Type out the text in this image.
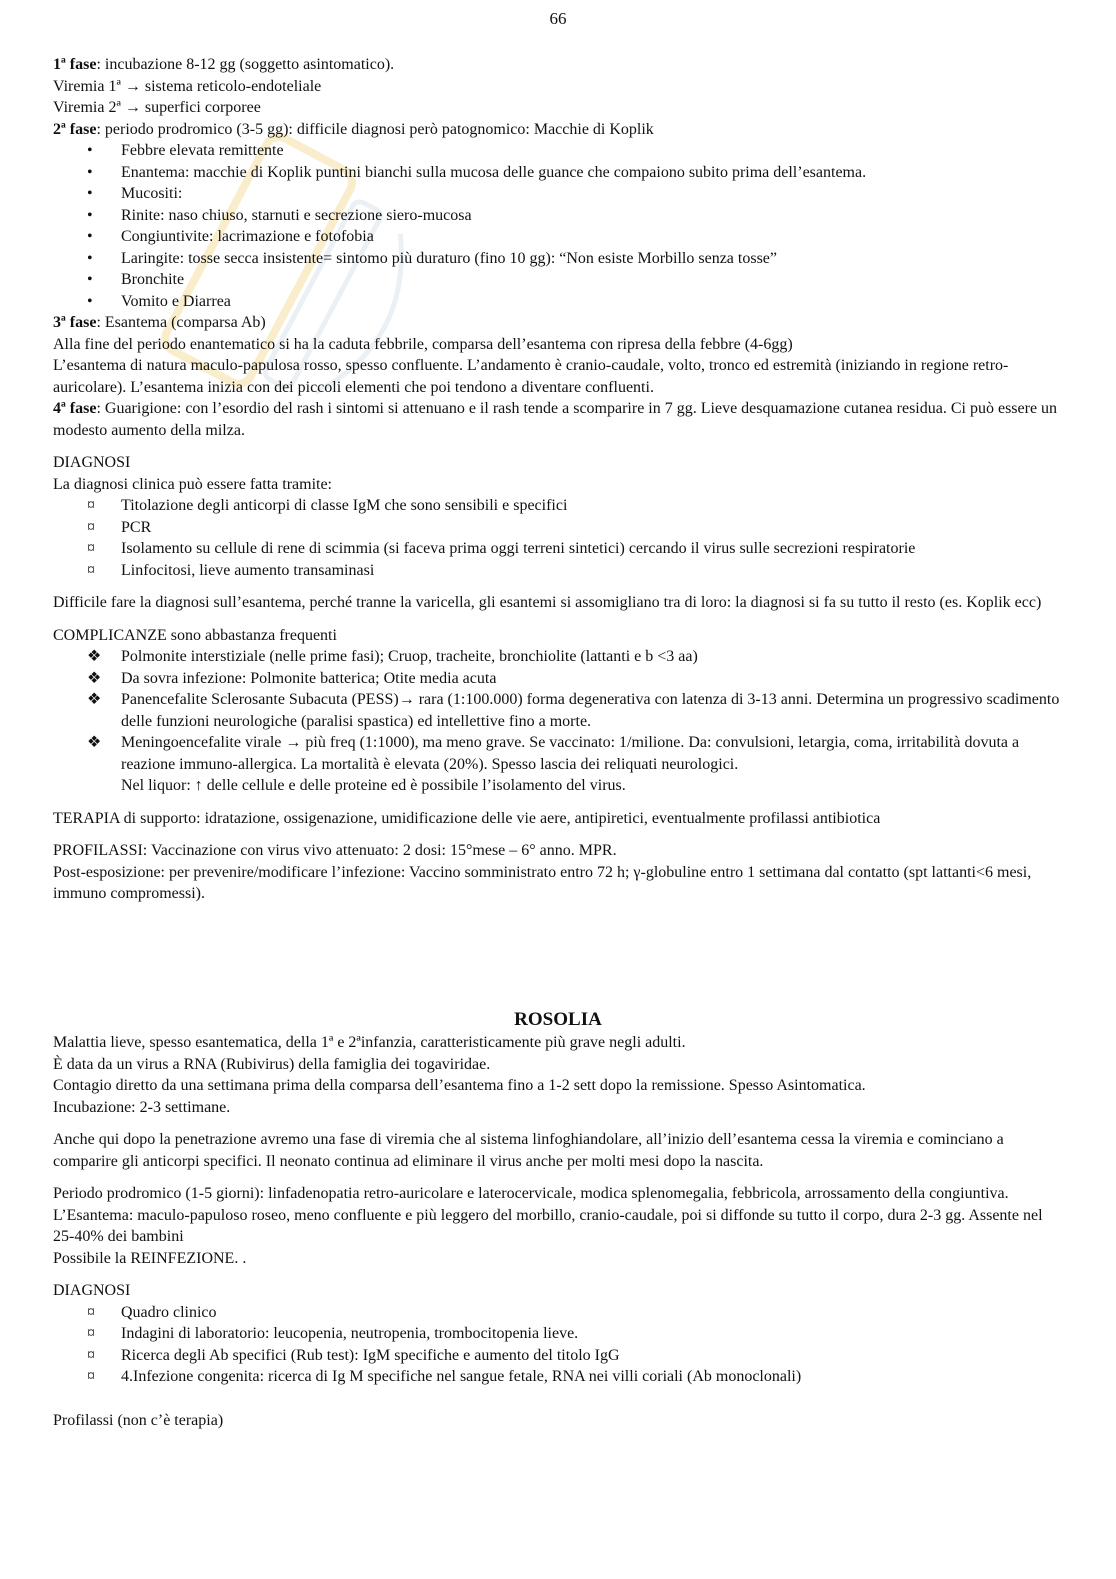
66

1ª fase: incubazione 8-12 gg (soggetto asintomatico).

Viremia 1ª → sistema reticolo-endoteliale

Viremia 2ª → superfici corporee

2ª fase: periodo prodromico (3-5 gg): difficile diagnosi però patognomico: Macchie di Koplik

•	Febbre elevata remittente
•	Enantema: macchie di Koplik puntini bianchi sulla mucosa delle guance che compaiono subito prima dell’esantema.
•	Mucositi:
•	Rinite: naso chiuso, starnuti e secrezione siero-mucosa
•	Congiuntivite: lacrimazione e fotofobia
•	Laringite: tosse secca insistente= sintomo più duraturo (fino 10 gg): “Non esiste Morbillo senza tosse”
•	Bronchite
•	Vomito e Diarrea

3ª fase: Esantema (comparsa Ab)

Alla fine del periodo enantematico si ha la caduta febbrile, comparsa dell’esantema con ripresa della febbre (4-6gg)

L’esantema di natura maculo-papulosa rosso, spesso confluente. L’andamento è cranio-caudale, volto, tronco ed estremità (iniziando in regione retro-auricolare). L’esantema inizia con dei piccoli elementi che poi tendono a diventare confluenti.

4ª fase: Guarigione: con l’esordio del rash i sintomi si attenuano e il rash tende a scomparire in 7 gg. Lieve desquamazione cutanea residua. Ci può essere un modesto aumento della milza.

DIAGNOSI

La diagnosi clinica può essere fatta tramite:

¤	Titolazione degli anticorpi di classe IgM che sono sensibili e specifici
¤	PCR
¤	Isolamento su cellule di rene di scimmia (si faceva prima oggi terreni sintetici) cercando il virus sulle secrezioni respiratorie
¤	Linfocitosi, lieve aumento transaminasi

Difficile fare la diagnosi sull’esantema, perché tranne la varicella, gli esantemi si assomigliano tra di loro: la diagnosi si fa su tutto il resto (es. Koplik ecc)

COMPLICANZE sono abbastanza frequenti

❖	Polmonite interstiziale (nelle prime fasi); Cruop, tracheite, bronchiolite (lattanti e b <3 aa)
❖	Da sovra infezione: Polmonite batterica; Otite media acuta
❖	Panencefalite Sclerosante Subacuta (PESS)→ rara (1:100.000) forma degenerativa con latenza di 3-13 anni. Determina un progressivo scadimento delle funzioni neurologiche (paralisi spastica) ed intellettive fino a morte.
❖	Meningoencefalite virale → più freq (1:1000), ma meno grave. Se vaccinato: 1/milione. Da: convulsioni, letargia, coma, irritabilità dovuta a reazione immuno-allergica. La mortalità è elevata (20%). Spesso lascia dei reliquati neurologici.
Nel liquor: ↑ delle cellule e delle proteine ed è possibile l’isolamento del virus.

TERAPIA di supporto: idratazione, ossigenazione, umidificazione delle vie aere, antipiretici, eventualmente profilassi antibiotica

PROFILASSI: Vaccinazione con virus vivo attenuato: 2 dosi: 15°mese – 6° anno. MPR.

Post-esposizione: per prevenire/modificare l’infezione: Vaccino somministrato entro 72 h; γ-globuline entro 1 settimana dal contatto (spt lattanti<6 mesi, immuno compromessi).

ROSOLIA

Malattia lieve, spesso esantematica, della 1ª e 2ªinfanzia, caratteristicamente più grave negli adulti.

È data da un virus a RNA (Rubivirus) della famiglia dei togaviridae.

Contagio diretto da una settimana prima della comparsa dell’esantema fino a 1-2 sett dopo la remissione. Spesso Asintomatica.

Incubazione: 2-3 settimane.

Anche qui dopo la penetrazione avremo una fase di viremia che al sistema linfoghiandolare, all’inizio dell’esantema cessa la viremia e cominciano a comparire gli anticorpi specifici. Il neonato continua ad eliminare il virus anche per molti mesi dopo la nascita.

Periodo prodromico (1-5 giorni): linfadenopatia retro-auricolare e laterocervicale, modica splenomegalia, febbricola, arrossamento della congiuntiva.

L’Esantema: maculo-papuloso roseo, meno confluente e più leggero del morbillo, cranio-caudale, poi si diffonde su tutto il corpo, dura 2-3 gg. Assente nel 25-40% dei bambini

Possibile la REINFEZIONE. .

DIAGNOSI

¤	Quadro clinico
¤	Indagini di laboratorio: leucopenia, neutropenia, trombocitopenia lieve.
¤	Ricerca degli Ab specifici (Rub test): IgM specifiche e aumento del titolo IgG
¤	4.Infezione congenita: ricerca di Ig M specifiche nel sangue fetale, RNA nei villi coriali (Ab monoclonali)

Profilassi (non c’è terapia)
